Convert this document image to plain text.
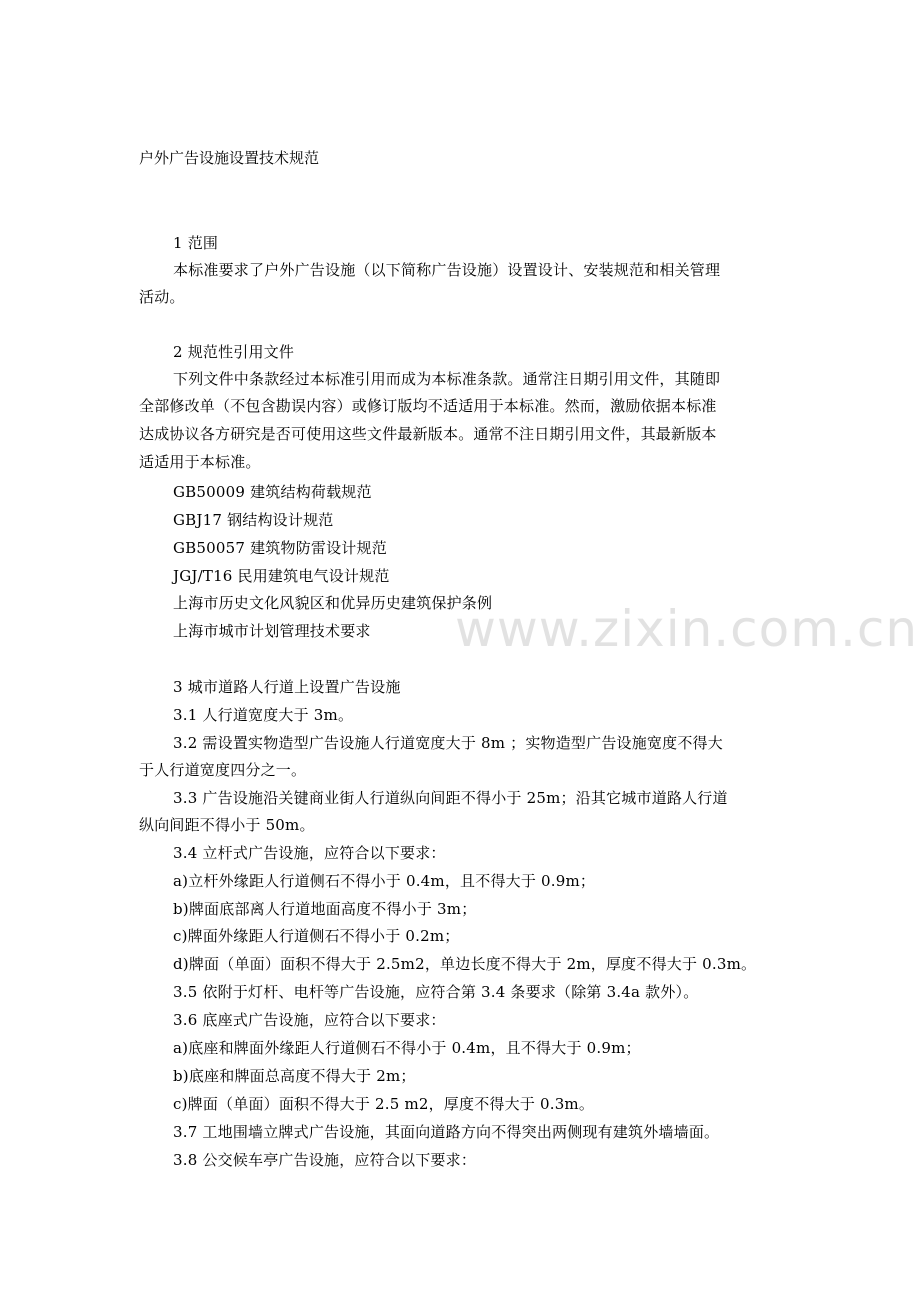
户外广告设施设置技术规范
1 范围
本标准要求了户外广告设施（以下简称广告设施）设置设计、安装规范和相关管理
活动。
2 规范性引用文件
下列文件中条款经过本标准引用而成为本标准条款。通常注日期引用文件，其随即
全部修改单（不包含勘误内容）或修订版均不适适用于本标准。然而，激励依据本标准
达成协议各方研究是否可使用这些文件最新版本。通常不注日期引用文件，其最新版本
适适用于本标准。
GB50009 建筑结构荷载规范
GBJ17 钢结构设计规范
GB50057 建筑物防雷设计规范
JGJ/T16 民用建筑电气设计规范
上海市历史文化风貌区和优异历史建筑保护条例
上海市城市计划管理技术要求
3 城市道路人行道上设置广告设施
3.1 人行道宽度大于 3m。
3.2 需设置实物造型广告设施人行道宽度大于 8m ；实物造型广告设施宽度不得大
于人行道宽度四分之一。
3.3 广告设施沿关键商业街人行道纵向间距不得小于 25m；沿其它城市道路人行道
纵向间距不得小于 50m。
3.4 立杆式广告设施，应符合以下要求：
a)立杆外缘距人行道侧石不得小于 0.4m，且不得大于 0.9m；
b)牌面底部离人行道地面高度不得小于 3m；
c)牌面外缘距人行道侧石不得小于 0.2m；
d)牌面（单面）面积不得大于 2.5m2，单边长度不得大于 2m，厚度不得大于 0.3m。
3.5 依附于灯杆、电杆等广告设施，应符合第 3.4 条要求（除第 3.4a 款外）。
3.6 底座式广告设施，应符合以下要求：
a)底座和牌面外缘距人行道侧石不得小于 0.4m，且不得大于 0.9m；
b)底座和牌面总高度不得大于 2m；
c)牌面（单面）面积不得大于 2.5 m2，厚度不得大于 0.3m。
3.7 工地围墙立牌式广告设施，其面向道路方向不得突出两侧现有建筑外墙墙面。
3.8 公交候车亭广告设施，应符合以下要求：
www.zixin.com.cn
